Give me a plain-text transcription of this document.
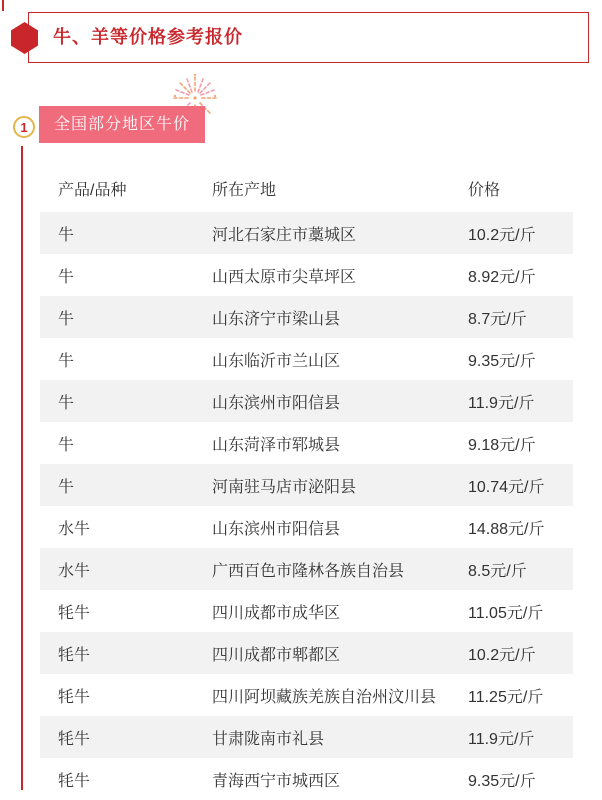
牛、羊等价格参考报价
1	全国部分地区牛价
产品/品种	所在产地	价格
牛	河北石家庄市藁城区	10.2元/斤
牛	山西太原市尖草坪区	8.92元/斤
牛	山东济宁市梁山县	8.7元/斤
牛	山东临沂市兰山区	9.35元/斤
牛	山东滨州市阳信县	11.9元/斤
牛	山东菏泽市郓城县	9.18元/斤
牛	河南驻马店市泌阳县	10.74元/斤
水牛	山东滨州市阳信县	14.88元/斤
水牛	广西百色市隆林各族自治县	8.5元/斤
牦牛	四川成都市成华区	11.05元/斤
牦牛	四川成都市郫都区	10.2元/斤
牦牛	四川阿坝藏族羌族自治州汶川县	11.25元/斤
牦牛	甘肃陇南市礼县	11.9元/斤
牦牛	青海西宁市城西区	9.35元/斤
